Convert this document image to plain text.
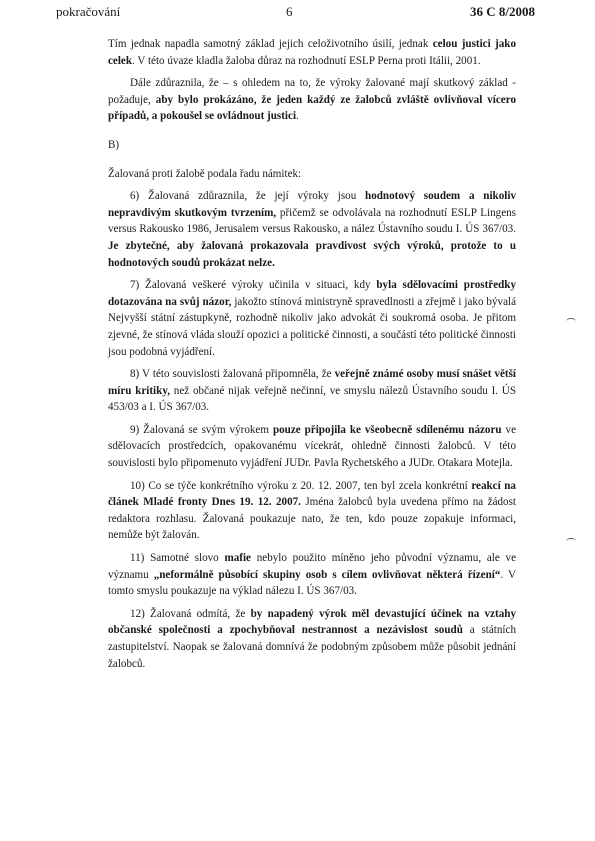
pokračování	6	36 C 8/2008

Tím jednak napadla samotný základ jejich celoživotního úsilí, jednak celou justici jako celek. V této úvaze kladla žaloba důraz na rozhodnutí ESLP Perna proti Itálii, 2001.

Dále zdůraznila, že – s ohledem na to, že výroky žalované mají skutkový základ - požaduje, aby bylo prokázáno, že jeden každý ze žalobců zvláště ovlivňoval vícero případů, a pokoušel se ovládnout justici.

B)

Žalovaná proti žalobě podala řadu námitek:

6) Žalovaná zdůraznila, že její výroky jsou hodnotový soudem a nikoliv nepravdivým skutkovým tvrzením, přičemž se odvolávala na rozhodnutí ESLP Lingens versus Rakousko 1986, Jerusalem versus Rakousko, a nález Ústavního soudu I. ÚS 367/03. Je zbytečné, aby žalovaná prokazovala pravdivost svých výroků, protože to u hodnotových soudů prokázat nelze.

7) Žalovaná veškeré výroky učinila v situaci, kdy byla sdělovacími prostředky dotazována na svůj názor, jakožto stínová ministryně spravedlnosti a zřejmě i jako bývalá Nejvyšší státní zástupkyně, rozhodně nikoliv jako advokát či soukromá osoba. Je přitom zjevné, že stínová vláda slouží opozici a politické činnosti, a součástí této politické činnosti jsou podobná vyjádření.

8) V této souvislosti žalovaná připomněla, že veřejně známé osoby musí snášet větší míru kritiky, než občané nijak veřejně nečinní, ve smyslu nálezů Ústavního soudu I. ÚS 453/03 a I. ÚS 367/03.

9) Žalovaná se svým výrokem pouze připojila ke všeobecně sdílenému názoru ve sdělovacích prostředcích, opakovanému vícekrát, ohledně činnosti žalobců. V této souvislosti bylo připomenuto vyjádření JUDr. Pavla Rychetského a JUDr. Otakara Motejla.

10) Co se týče konkrétního výroku z 20. 12. 2007, ten byl zcela konkrétní reakcí na článek Mladé fronty Dnes 19. 12. 2007. Jména žalobců byla uvedena přímo na žádost redaktora rozhlasu. Žalovaná poukazuje nato, že ten, kdo pouze zopakuje informaci, nemůže být žalován.

11) Samotné slovo mafie nebylo použito míněno jeho původní významu, ale ve významu „neformálně působící skupiny osob s cílem ovlivňovat některá řízení“. V tomto smyslu poukazuje na výklad nálezu I. ÚS 367/03.

12) Žalovaná odmítá, že by napadený výrok měl devastující účinek na vztahy občanské společnosti a zpochybňoval nestrannost a nezávislost soudů a státních zastupitelství. Naopak se žalovaná domnívá že podobným způsobem může působit jednání žalobců.
